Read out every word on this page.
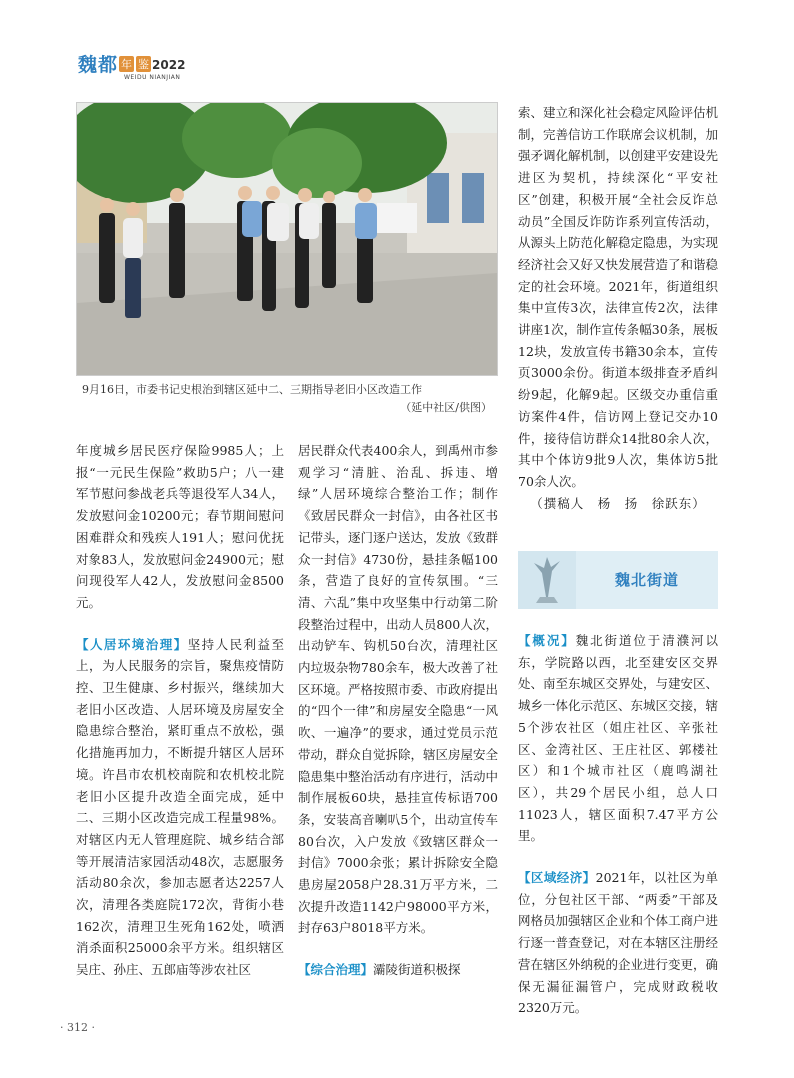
魏都 年 鉴 2022
WEIDU NIANJIAN
9月16日，市委书记史根治到辖区延中二、三期指导老旧小区改造工作
（延中社区/供图）

年度城乡居民医疗保险9985人；上报“一元民生保险”救助5户；八一建军节慰问参战老兵等退役军人34人，发放慰问金10200元；春节期间慰问困难群众和残疾人191人；慰问优抚对象83人，发放慰问金24900元；慰问现役军人42人，发放慰问金8500元。

【人居环境治理】坚持人民利益至上，为人民服务的宗旨，聚焦疫情防控、卫生健康、乡村振兴，继续加大老旧小区改造、人居环境及房屋安全隐患综合整治，紧盯重点不放松，强化措施再加力，不断提升辖区人居环境。许昌市农机校南院和农机校北院老旧小区提升改造全面完成，延中二、三期小区改造完成工程量98%。对辖区内无人管理庭院、城乡结合部等开展清洁家园活动48次，志愿服务活动80余次，参加志愿者达2257人次，清理各类庭院172次，背街小巷162次，清理卫生死角162处，喷洒消杀面积25000余平方米。组织辖区吴庄、孙庄、五郎庙等涉农社区

居民群众代表400余人，到禹州市参观学习“清脏、治乱、拆违、增绿”人居环境综合整治工作；制作《致居民群众一封信》，由各社区书记带头，逐门逐户送达，发放《致群众一封信》4730份，悬挂条幅100条，营造了良好的宣传氛围。“三清、六乱”集中攻坚集中行动第二阶段整治过程中，出动人员800人次，出动铲车、钩机50台次，清理社区内垃圾杂物780余车，极大改善了社区环境。严格按照市委、市政府提出的“四个一律”和房屋安全隐患“一风吹、一遍净”的要求，通过党员示范带动，群众自觉拆除，辖区房屋安全隐患集中整治活动有序进行，活动中制作展板60块，悬挂宣传标语700条，安装高音喇叭5个，出动宣传车80台次，入户发放《致辖区群众一封信》7000余张；累计拆除安全隐患房屋2058户28.31万平方米，二次提升改造1142户98000平方米，封存63户8018平方米。

【综合治理】灞陵街道积极探

索、建立和深化社会稳定风险评估机制，完善信访工作联席会议机制，加强矛调化解机制，以创建平安建设先进区为契机，持续深化“平安社区”创建，积极开展“全社会反诈总动员”全国反诈防诈系列宣传活动，从源头上防范化解稳定隐患，为实现经济社会又好又快发展营造了和谐稳定的社会环境。2021年，街道组织集中宣传3次，法律宣传2次，法律讲座1次，制作宣传条幅30条，展板12块，发放宣传书籍30余本，宣传页3000余份。街道本级排查矛盾纠纷9起，化解9起。区级交办重信重访案件4件，信访网上登记交办10件，接待信访群众14批80余人次，其中个体访9批9人次，集体访5批70余人次。

（撰稿人　杨　扬　徐跃东）

魏北街道

【概况】魏北街道位于清濮河以东，学院路以西，北至建安区交界处、南至东城区交界处，与建安区、城乡一体化示范区、东城区交接，辖5个涉农社区（姐庄社区、辛张社区、金湾社区、王庄社区、郭楼社区）和1个城市社区（鹿鸣湖社区），共29个居民小组，总人口11023人，辖区面积7.47平方公里。

【区域经济】2021年，以社区为单位，分包社区干部、“两委”干部及网格员加强辖区企业和个体工商户进行逐一普查登记，对在本辖区注册经营在辖区外纳税的企业进行变更，确保无漏征漏管户，完成财政税收2320万元。

· 312 ·
